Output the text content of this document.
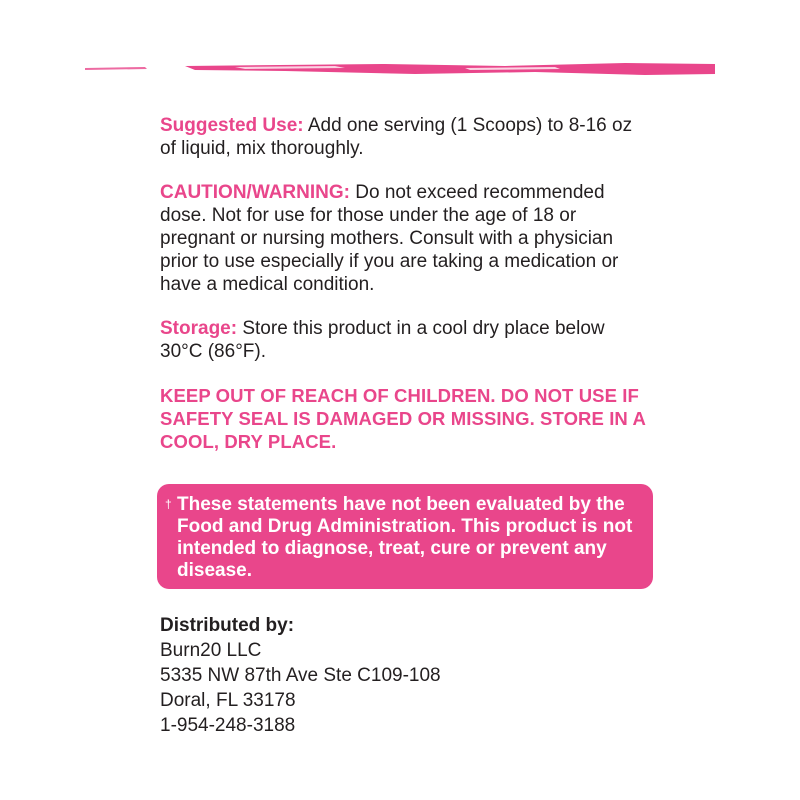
Suggested Use: Add one serving (1 Scoops) to 8-16 oz of liquid, mix thoroughly.

CAUTION/WARNING: Do not exceed recommended dose. Not for use for those under the age of 18 or pregnant or nursing mothers. Consult with a physician prior to use especially if you are taking a medication or have a medical condition.

Storage: Store this product in a cool dry place below 30°C (86°F).

KEEP OUT OF REACH OF CHILDREN. DO NOT USE IF SAFETY SEAL IS DAMAGED OR MISSING. STORE IN A COOL, DRY PLACE.

† These statements have not been evaluated by the Food and Drug Administration. This product is not intended to diagnose, treat, cure or prevent any disease.
Distributed by:
Burn20 LLC
5335 NW 87th Ave Ste C109-108
Doral, FL 33178
1-954-248-3188
